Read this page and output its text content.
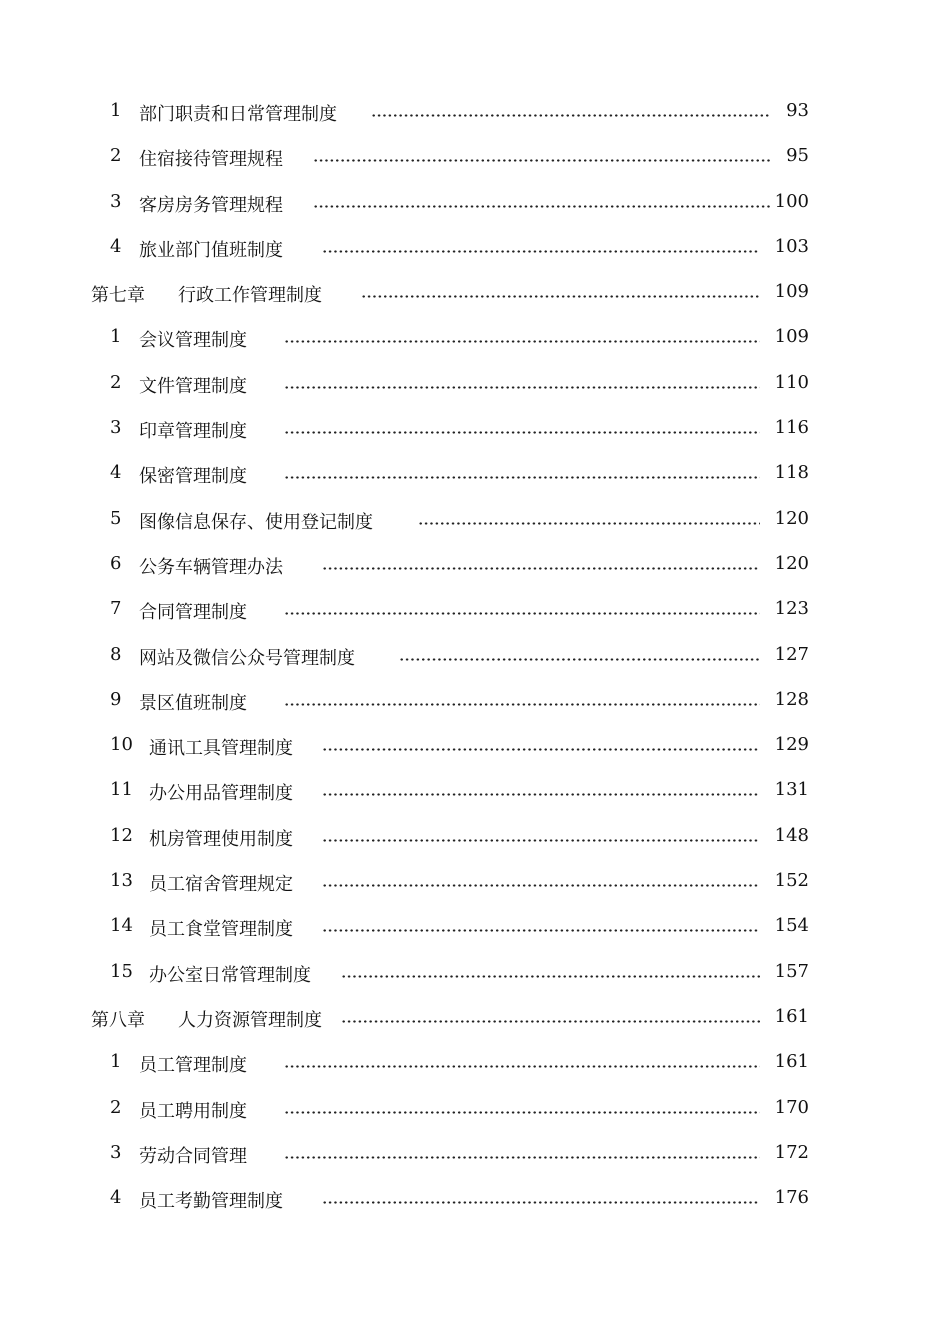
1 部门职责和日常管理制度	93
2 住宿接待管理规程	95
3 客房房务管理规程	100
4 旅业部门值班制度	103
第七章 行政工作管理制度	109
1 会议管理制度	109
2 文件管理制度	110
3 印章管理制度	116
4 保密管理制度	118
5 图像信息保存、使用登记制度	120
6 公务车辆管理办法	120
7 合同管理制度	123
8 网站及微信公众号管理制度	127
9 景区值班制度	128
10 通讯工具管理制度	129
11 办公用品管理制度	131
12 机房管理使用制度	148
13 员工宿舍管理规定	152
14 员工食堂管理制度	154
15 办公室日常管理制度	157
第八章 人力资源管理制度	161
1 员工管理制度	161
2 员工聘用制度	170
3 劳动合同管理	172
4 员工考勤管理制度	176
